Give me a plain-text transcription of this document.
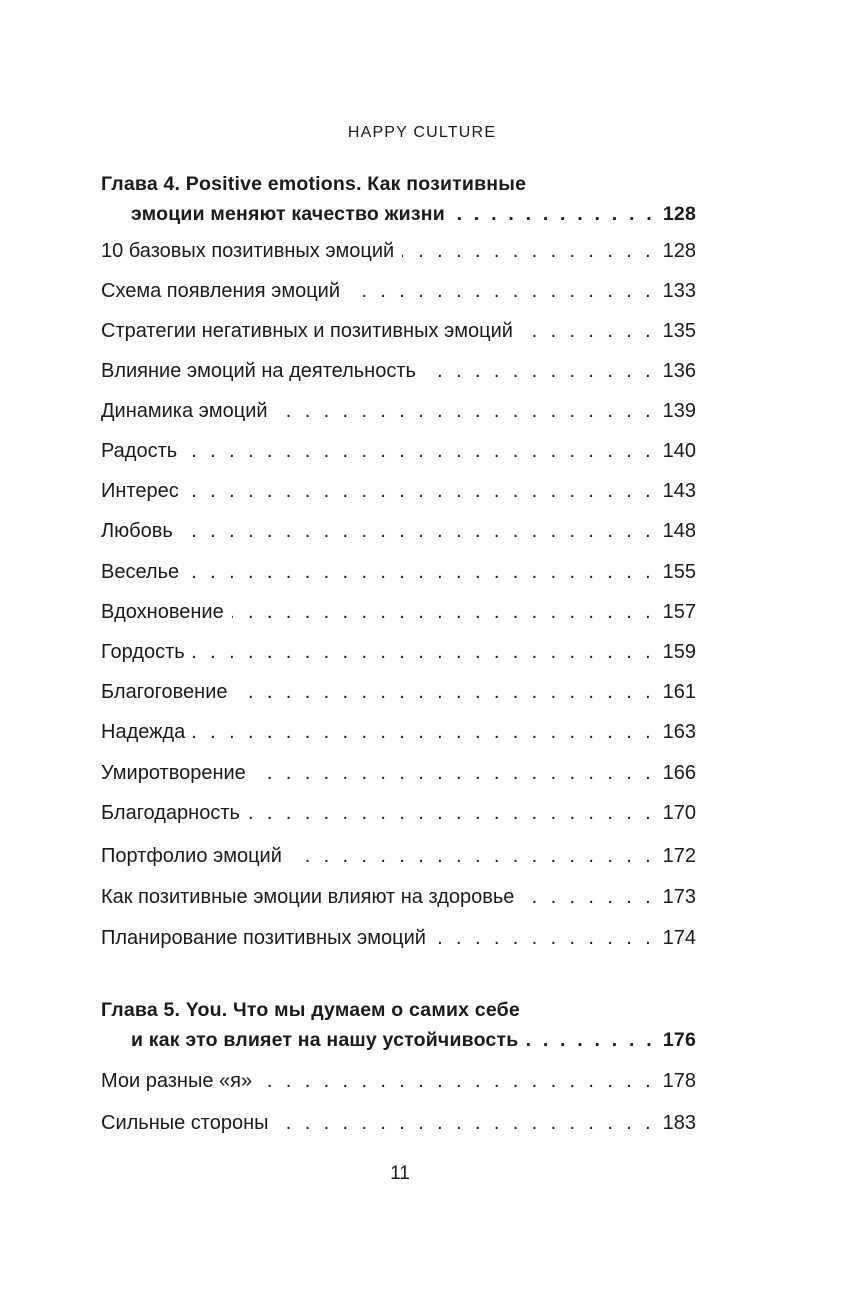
HAPPY CULTURE
Глава 4. Positive emotions. Как позитивные
эмоции меняют качество жизни . . .	128
10 базовых позитивных эмоций . . .	128
Схема появления эмоций . . .	133
Стратегии негативных и позитивных эмоций . . .	135
Влияние эмоций на деятельность . . .	136
Динамика эмоций . . .	139
Радость . . .	140
Интерес . . .	143
Любовь . . .	148
Веселье . . .	155
Вдохновение . . .	157
Гордость . . .	159
Благоговение . . .	161
Надежда . . .	163
Умиротворение . . .	166
Благодарность . . .	170
Портфолио эмоций . . .	172
Как позитивные эмоции влияют на здоровье . . .	173
Планирование позитивных эмоций . . .	174
Глава 5. You. Что мы думаем о самих себе
и как это влияет на нашу устойчивость . . .	176
Мои разные «я» . . .	178
Сильные стороны . . .	183
11
